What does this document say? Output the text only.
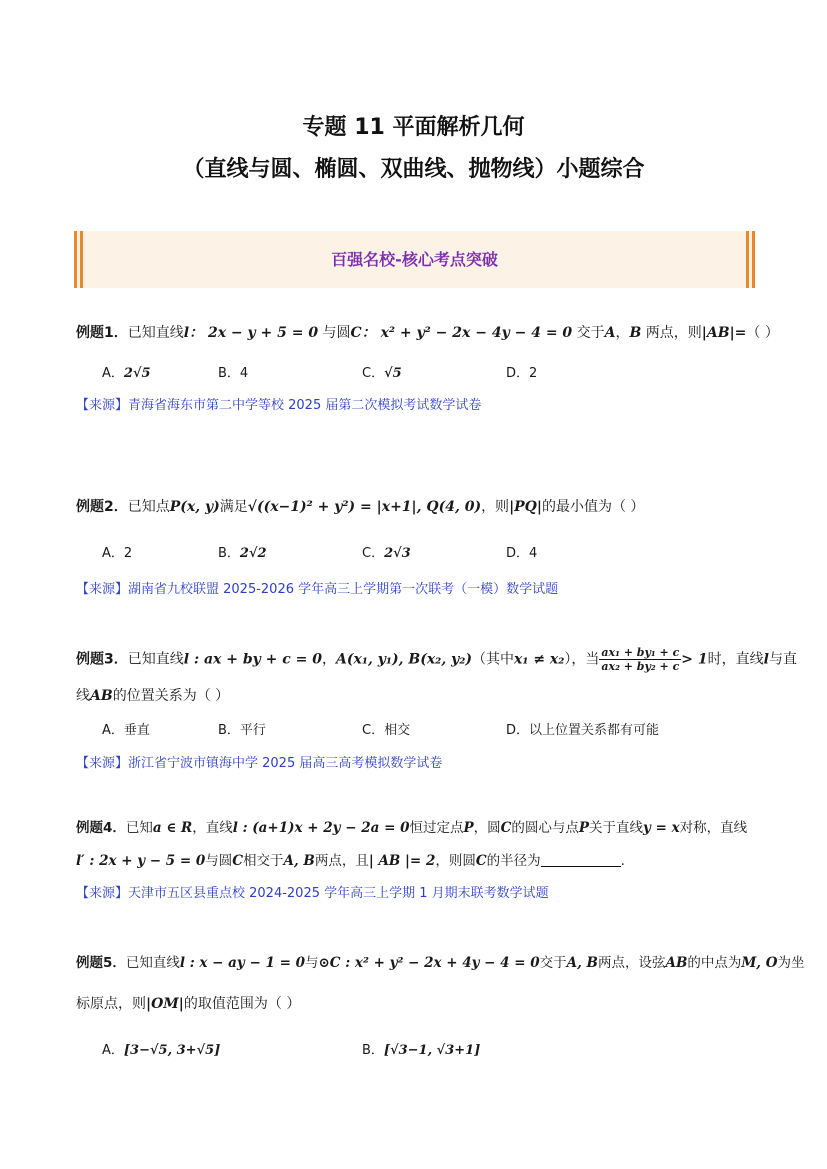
专题 11 平面解析几何
（直线与圆、椭圆、双曲线、抛物线）小题综合
百强名校-核心考点突破
例题1．已知直线l： 2x − y + 5 = 0 与圆C： x² + y² − 2x − 4y − 4 = 0 交于A，B 两点，则|AB|=（ ）
A．2√5	B．4	C．√5	D．2
【来源】青海省海东市第二中学等校 2025 届第二次模拟考试数学试卷
例题2．已知点P(x, y)满足√((x−1)² + y²) = |x+1|, Q(4, 0)，则|PQ|的最小值为（ ）
A．2	B．2√2	C．2√3	D．4
【来源】湖南省九校联盟 2025-2026 学年高三上学期第一次联考（一模）数学试题
例题3．已知直线l : ax + by + c = 0，A(x₁, y₁), B(x₂, y₂)（其中x₁ ≠ x₂），当 $\frac{\text{ax₁ + by₁ + c}}{\text{ax₂ + by₂ + c}} > 1$时，直线l与直
线AB的位置关系为（ ）
A．垂直	B．平行	C．相交	D．以上位置关系都有可能
【来源】浙江省宁波市镇海中学 2025 届高三高考模拟数学试卷
例题4．已知a ∈ R，直线l : (a+1)x + 2y − 2a = 0恒过定点P，圆C的圆心与点P关于直线y = x对称，直线
l′ : 2x + y − 5 = 0与圆C相交于A, B两点，且| AB |= 2，则圆C的半径为	.
【来源】天津市五区县重点校 2024-2025 学年高三上学期 1 月期末联考数学试题
例题5．已知直线l : x − ay − 1 = 0与⊙C : x² + y² − 2x + 4y − 4 = 0交于A, B两点，设弦AB的中点为M, O为坐
标原点，则|OM|的取值范围为（ ）
A．[3−√5, 3+√5]	B．[√3−1, √3+1]
